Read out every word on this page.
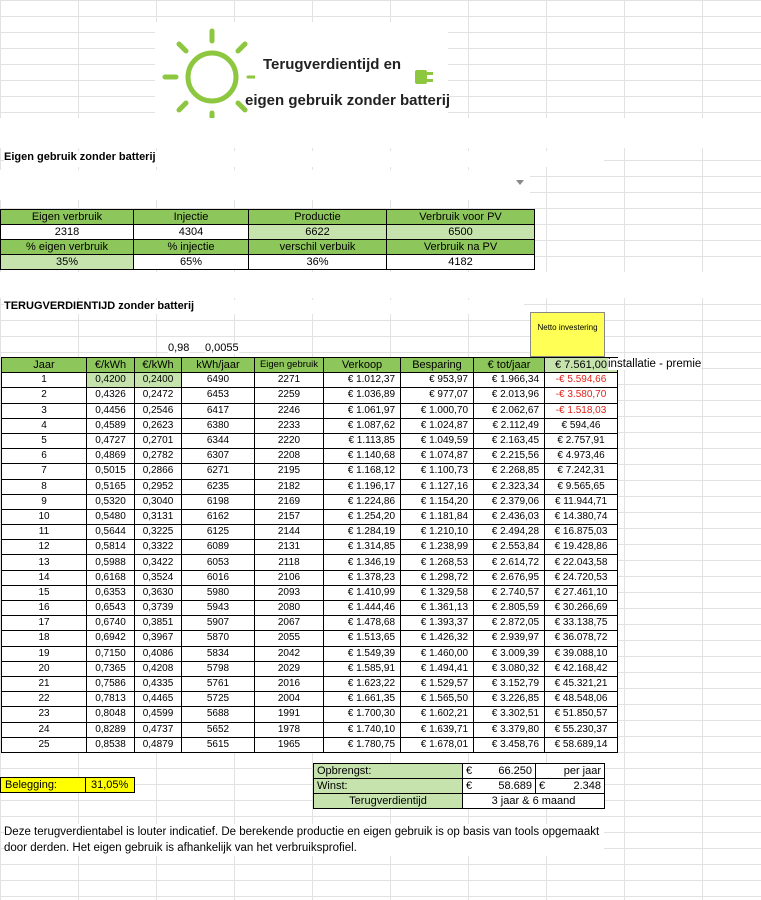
Terugverdientijd en
eigen gebruik zonder batterij
Eigen gebruik zonder batterij
Eigen verbruik	Injectie	Productie	Verbruik voor PV
2318	4304	6622	6500
% eigen verbruik	% injectie	verschil verbuik	Verbruik na PV
35%	65%	36%	4182
TERUGVERDIENTIJD zonder batterij
Netto investering
0,98 0,0055
Jaar	€/kWh	€/kWh	kWh/jaar	Eigen gebruik	Verkoop	Besparing	€ tot/jaar	€ 7.561,00
1	0,4200	0,2400	6490	2271	€ 1.012,37	€ 953,97	€ 1.966,34	-€ 5.594,66
2	0,4326	0,2472	6453	2259	€ 1.036,89	€ 977,07	€ 2.013,96	-€ 3.580,70
3	0,4456	0,2546	6417	2246	€ 1.061,97	€ 1.000,70	€ 2.062,67	-€ 1.518,03
4	0,4589	0,2623	6380	2233	€ 1.087,62	€ 1.024,87	€ 2.112,49	€ 594,46
5	0,4727	0,2701	6344	2220	€ 1.113,85	€ 1.049,59	€ 2.163,45	€ 2.757,91
6	0,4869	0,2782	6307	2208	€ 1.140,68	€ 1.074,87	€ 2.215,56	€ 4.973,46
7	0,5015	0,2866	6271	2195	€ 1.168,12	€ 1.100,73	€ 2.268,85	€ 7.242,31
8	0,5165	0,2952	6235	2182	€ 1.196,17	€ 1.127,16	€ 2.323,34	€ 9.565,65
9	0,5320	0,3040	6198	2169	€ 1.224,86	€ 1.154,20	€ 2.379,06	€ 11.944,71
10	0,5480	0,3131	6162	2157	€ 1.254,20	€ 1.181,84	€ 2.436,03	€ 14.380,74
11	0,5644	0,3225	6125	2144	€ 1.284,19	€ 1.210,10	€ 2.494,28	€ 16.875,03
12	0,5814	0,3322	6089	2131	€ 1.314,85	€ 1.238,99	€ 2.553,84	€ 19.428,86
13	0,5988	0,3422	6053	2118	€ 1.346,19	€ 1.268,53	€ 2.614,72	€ 22.043,58
14	0,6168	0,3524	6016	2106	€ 1.378,23	€ 1.298,72	€ 2.676,95	€ 24.720,53
15	0,6353	0,3630	5980	2093	€ 1.410,99	€ 1.329,58	€ 2.740,57	€ 27.461,10
16	0,6543	0,3739	5943	2080	€ 1.444,46	€ 1.361,13	€ 2.805,59	€ 30.266,69
17	0,6740	0,3851	5907	2067	€ 1.478,68	€ 1.393,37	€ 2.872,05	€ 33.138,75
18	0,6942	0,3967	5870	2055	€ 1.513,65	€ 1.426,32	€ 2.939,97	€ 36.078,72
19	0,7150	0,4086	5834	2042	€ 1.549,39	€ 1.460,00	€ 3.009,39	€ 39.088,10
20	0,7365	0,4208	5798	2029	€ 1.585,91	€ 1.494,41	€ 3.080,32	€ 42.168,42
21	0,7586	0,4335	5761	2016	€ 1.623,22	€ 1.529,57	€ 3.152,79	€ 45.321,21
22	0,7813	0,4465	5725	2004	€ 1.661,35	€ 1.565,50	€ 3.226,85	€ 48.548,06
23	0,8048	0,4599	5688	1991	€ 1.700,30	€ 1.602,21	€ 3.302,51	€ 51.850,57
24	0,8289	0,4737	5652	1978	€ 1.740,10	€ 1.639,71	€ 3.379,80	€ 55.230,37
25	0,8538	0,4879	5615	1965	€ 1.780,75	€ 1.678,01	€ 3.458,76	€ 58.689,14
installatie - premie
Opbrengst:	€	66.250	per jaar
Winst:	€	58.689	€ 2.348
Terugverdientijd	3 jaar & 6 maand		
Belegging:	31,05%
Deze terugverdientabel is louter indicatief. De berekende productie en eigen gebruik is op basis van tools opgemaakt door derden. Het eigen gebruik is afhankelijk van het verbruiksprofiel.
